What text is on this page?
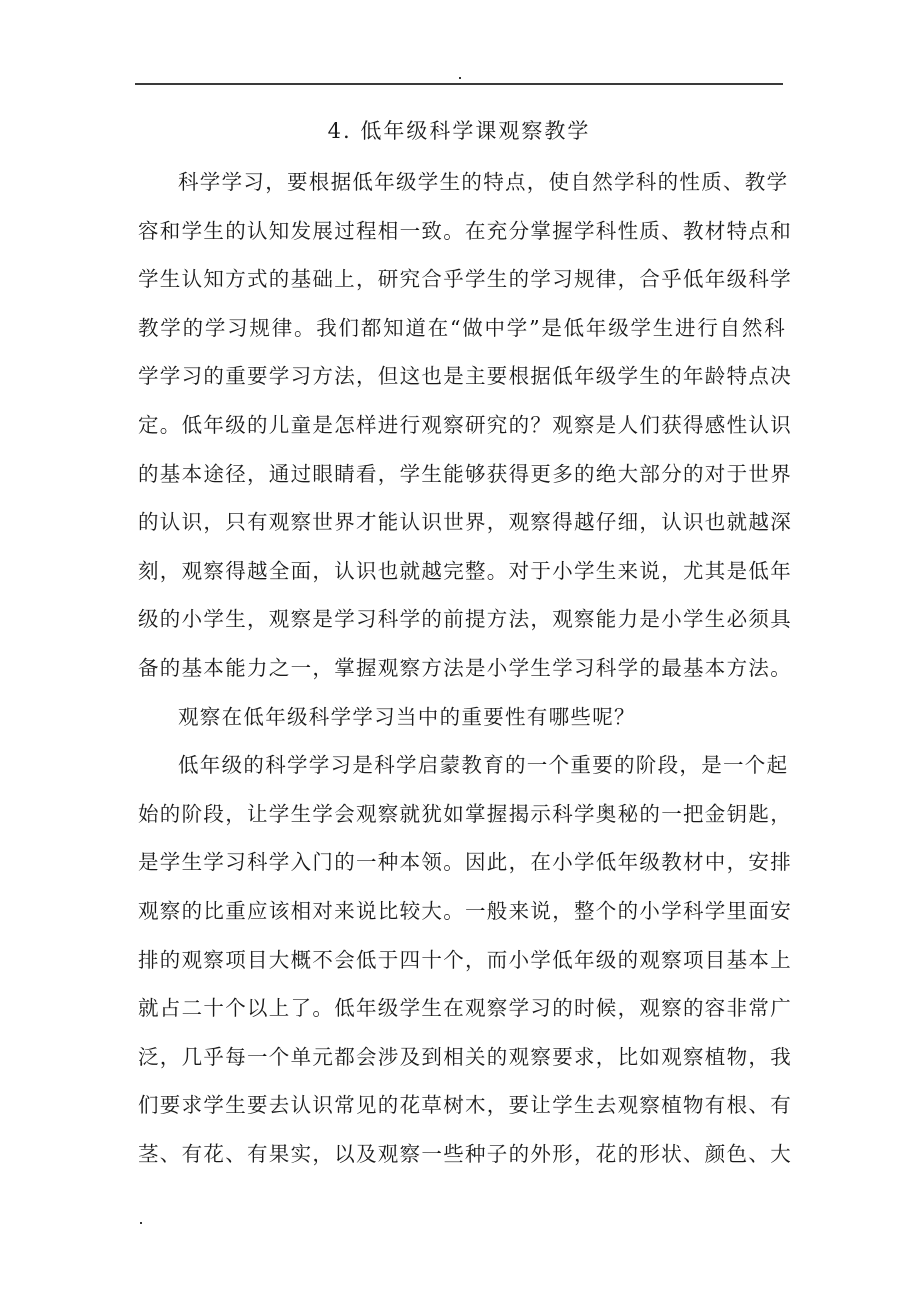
4. 低年级科学课观察教学
科学学习，要根据低年级学生的特点，使自然学科的性质、教学
容和学生的认知发展过程相一致。在充分掌握学科性质、教材特点和
学生认知方式的基础上，研究合乎学生的学习规律，合乎低年级科学
教学的学习规律。我们都知道在“做中学”是低年级学生进行自然科
学学习的重要学习方法，但这也是主要根据低年级学生的年龄特点决
定。低年级的儿童是怎样进行观察研究的？观察是人们获得感性认识
的基本途径，通过眼睛看，学生能够获得更多的绝大部分的对于世界
的认识，只有观察世界才能认识世界，观察得越仔细，认识也就越深
刻，观察得越全面，认识也就越完整。对于小学生来说，尤其是低年
级的小学生，观察是学习科学的前提方法，观察能力是小学生必须具
备的基本能力之一，掌握观察方法是小学生学习科学的最基本方法。
观察在低年级科学学习当中的重要性有哪些呢？
低年级的科学学习是科学启蒙教育的一个重要的阶段，是一个起
始的阶段，让学生学会观察就犹如掌握揭示科学奥秘的一把金钥匙，
是学生学习科学入门的一种本领。因此，在小学低年级教材中，安排
观察的比重应该相对来说比较大。一般来说，整个的小学科学里面安
排的观察项目大概不会低于四十个，而小学低年级的观察项目基本上
就占二十个以上了。低年级学生在观察学习的时候，观察的容非常广
泛，几乎每一个单元都会涉及到相关的观察要求，比如观察植物，我
们要求学生要去认识常见的花草树木，要让学生去观察植物有根、有
茎、有花、有果实，以及观察一些种子的外形，花的形状、颜色、大
